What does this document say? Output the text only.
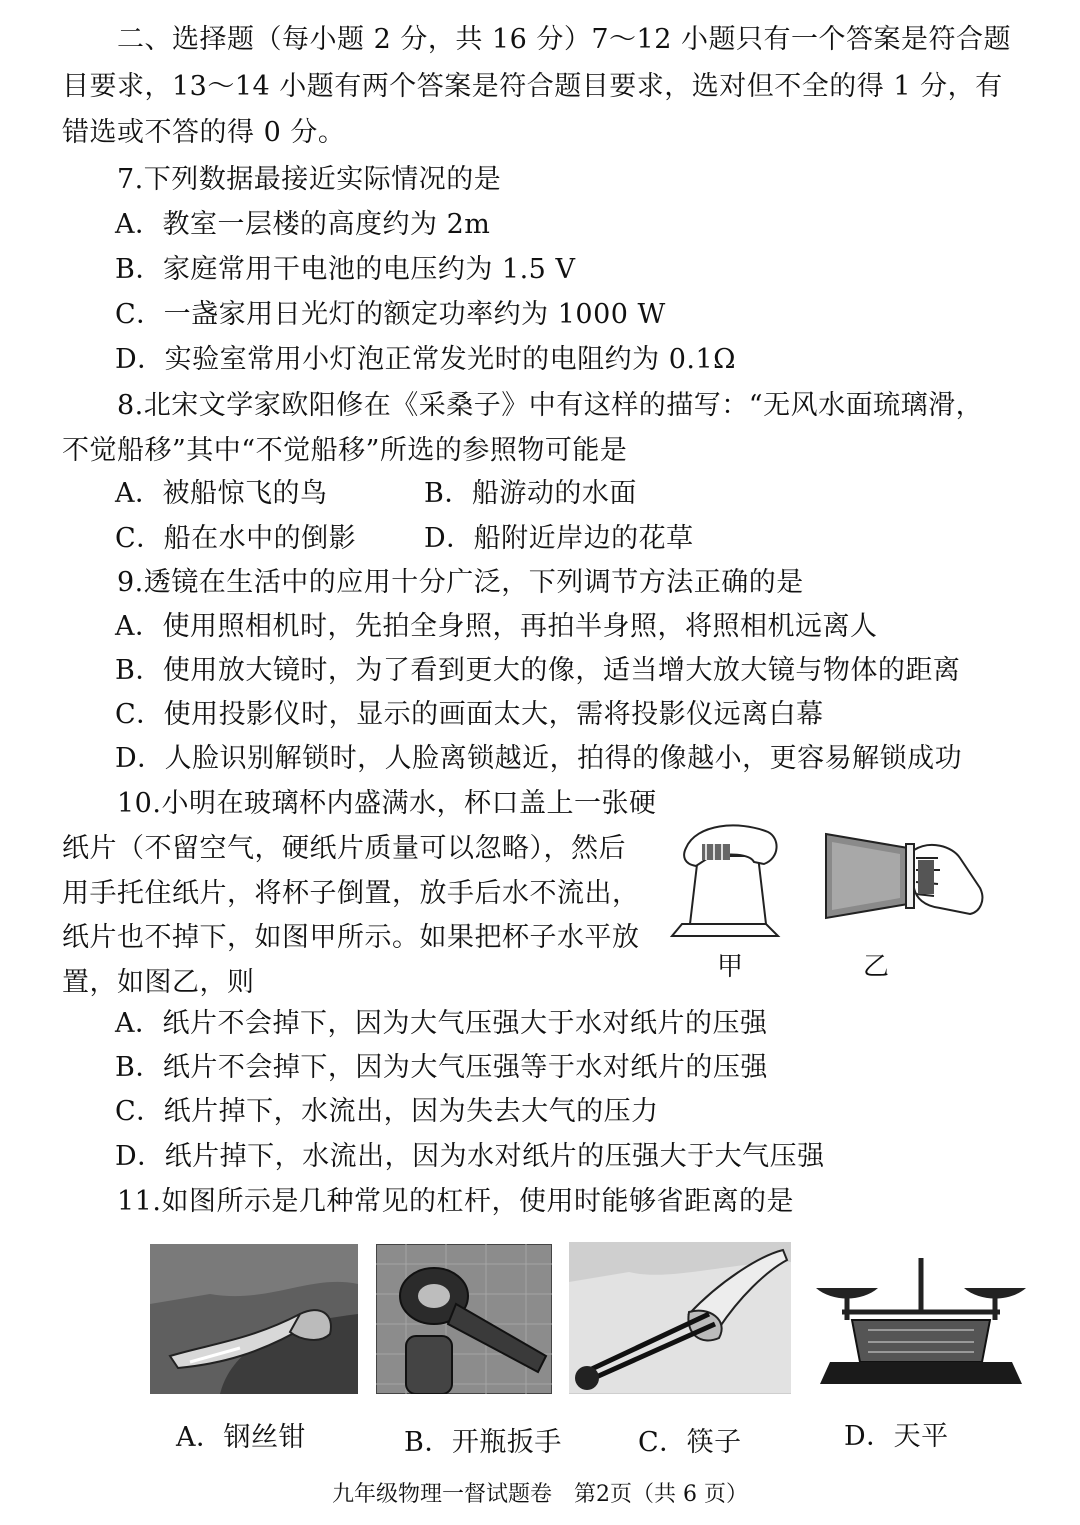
二、选择题（每小题 2 分，共 16 分）7～12 小题只有一个答案是符合题
目要求，13～14 小题有两个答案是符合题目要求，选对但不全的得 1 分，有
错选或不答的得 0 分。
7.下列数据最接近实际情况的是
A．教室一层楼的高度约为 2m
B．家庭常用干电池的电压约为 1.5 V
C．一盏家用日光灯的额定功率约为 1000 W
D．实验室常用小灯泡正常发光时的电阻约为 0.1Ω
8.北宋文学家欧阳修在《采桑子》中有这样的描写：“无风水面琉璃滑，
不觉船移”其中“不觉船移”所选的参照物可能是
A．被船惊飞的鸟	B．船游动的水面
C．船在水中的倒影	D．船附近岸边的花草
9.透镜在生活中的应用十分广泛，下列调节方法正确的是
A．使用照相机时，先拍全身照，再拍半身照，将照相机远离人
B．使用放大镜时，为了看到更大的像，适当增大放大镜与物体的距离
C．使用投影仪时，显示的画面太大，需将投影仪远离白幕
D．人脸识别解锁时，人脸离锁越近，拍得的像越小，更容易解锁成功
10.小明在玻璃杯内盛满水，杯口盖上一张硬
纸片（不留空气，硬纸片质量可以忽略），然后
用手托住纸片，将杯子倒置，放手后水不流出，
纸片也不掉下，如图甲所示。如果把杯子水平放
置，如图乙，则	甲	乙
A．纸片不会掉下，因为大气压强大于水对纸片的压强
B．纸片不会掉下，因为大气压强等于水对纸片的压强
C．纸片掉下，水流出，因为失去大气的压力
D．纸片掉下，水流出，因为水对纸片的压强大于大气压强
11.如图所示是几种常见的杠杆，使用时能够省距离的是
A．钢丝钳	B．开瓶扳手	C．筷子	D．天平
九年级物理一督试题卷　第2页（共 6 页）
